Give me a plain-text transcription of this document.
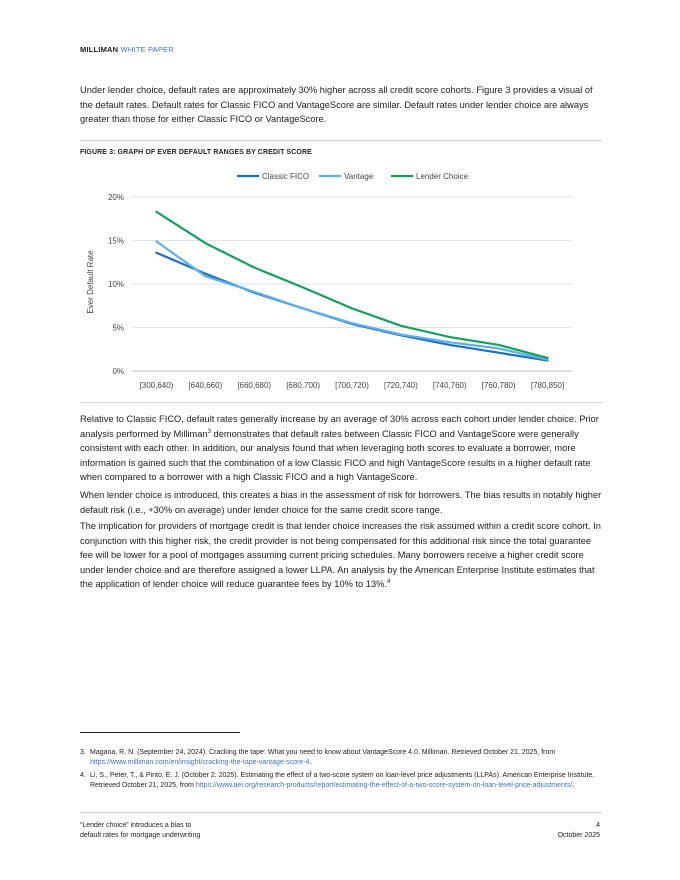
MILLIMAN WHITE PAPER

Under lender choice, default rates are approximately 30% higher across all credit score cohorts. Figure 3 provides a visual of the default rates. Default rates for Classic FICO and VantageScore are similar. Default rates under lender choice are always greater than those for either Classic FICO or VantageScore.

FIGURE 3: GRAPH OF EVER DEFAULT RANGES BY CREDIT SCORE
Classic FICO	Vantage	Lender Choice
0%
5%
10%
15%
20%
[300,640) [640,660) [660,680) [680,700) [700,720) [720,740) [740,760) [760,780) [780,850]
Ever Default Rate

Relative to Classic FICO, default rates generally increase by an average of 30% across each cohort under lender choice. Prior analysis performed by Milliman$^3$ demonstrates that default rates between Classic FICO and VantageScore were generally consistent with each other. In addition, our analysis found that when leveraging both scores to evaluate a borrower, more information is gained such that the combination of a low Classic FICO and high VantageScore results in a higher default rate when compared to a borrower with a high Classic FICO and a high VantageScore.

When lender choice is introduced, this creates a bias in the assessment of risk for borrowers. The bias results in notably higher default risk (i.e., +30% on average) under lender choice for the same credit score range.

The implication for providers of mortgage credit is that lender choice increases the risk assumed within a credit score cohort. In conjunction with this higher risk, the credit provider is not being compensated for this additional risk since the total guarantee fee will be lower for a pool of mortgages assuming current pricing schedules. Many borrowers receive a higher credit score under lender choice and are therefore assigned a lower LLPA. An analysis by the American Enterprise Institute estimates that the application of lender choice will reduce guarantee fees by 10% to 13%.$^4$

3. Magana, R. N. (September 24, 2024). Cracking the tape: What you need to know about VantageScore 4.0. Milliman. Retrieved October 21, 2025, from https://www.milliman.com/en/insight/cracking-the-tape-vantage-score-4.
4. Li, S., Peter, T., & Pinto, E. J. (October 2, 2025). Estimating the effect of a two-score system on loan-level price adjustments (LLPAs). American Enterprise Institute. Retrieved October 21, 2025, from https://www.aei.org/research-products/report/estimating-the-effect-of-a-two-score-system-on-loan-level-price-adjustments/.
“Lender choice” introduces a bias to
default rates for mortgage underwriting
4
October 2025
